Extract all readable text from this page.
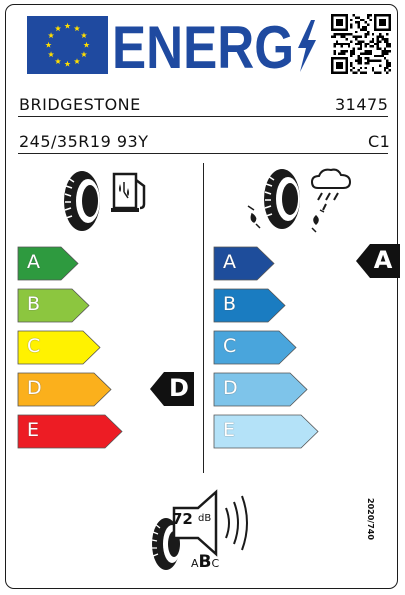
ENERG
BRIDGESTONE	31475
245/35R19 93Y	C1
A
B
C
D
E
A
B
C
D
E
D
A
72 dB
ABC
2020/740
